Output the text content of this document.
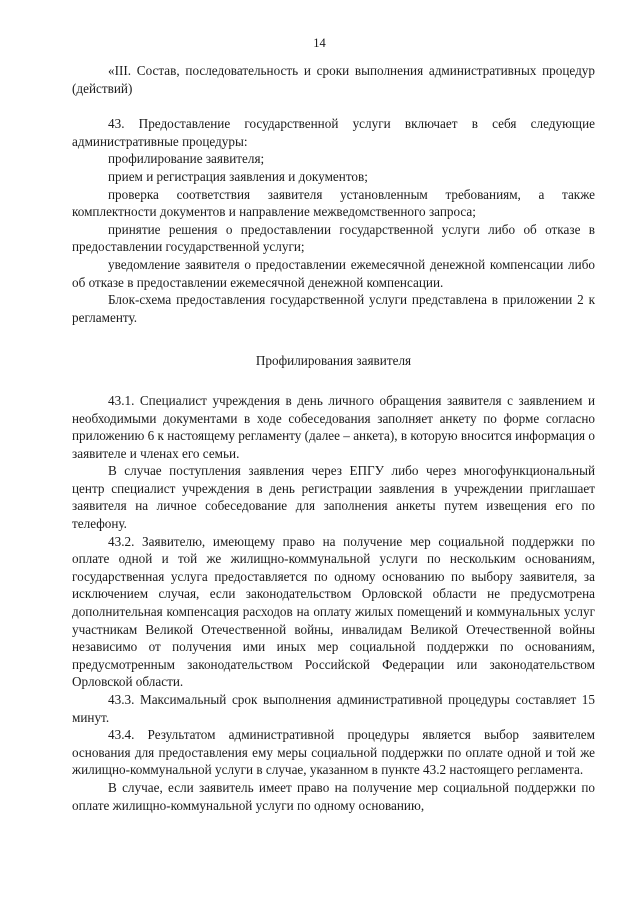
14

«III. Состав, последовательность и сроки выполнения административных процедур (действий)

43. Предоставление государственной услуги включает в себя следующие административные процедуры:

профилирование заявителя;

прием и регистрация заявления и документов;

проверка соответствия заявителя установленным требованиям, а также комплектности документов и направление межведомственного запроса;

принятие решения о предоставлении государственной услуги либо об отказе в предоставлении государственной услуги;

уведомление заявителя о предоставлении ежемесячной денежной компенсации либо об отказе в предоставлении ежемесячной денежной компенсации.

Блок-схема предоставления государственной услуги представлена в приложении 2 к регламенту.

Профилирования заявителя

43.1. Специалист учреждения в день личного обращения заявителя с заявлением и необходимыми документами в ходе собеседования заполняет анкету по форме согласно приложению 6 к настоящему регламенту (далее – анкета), в которую вносится информация о заявителе и членах его семьи.

В случае поступления заявления через ЕПГУ либо через многофункциональный центр специалист учреждения в день регистрации заявления в учреждении приглашает заявителя на личное собеседование для заполнения анкеты путем извещения его по телефону.

43.2. Заявителю, имеющему право на получение мер социальной поддержки по оплате одной и той же жилищно-коммунальной услуги по нескольким основаниям, государственная услуга предоставляется по одному основанию по выбору заявителя, за исключением случая, если законодательством Орловской области не предусмотрена дополнительная компенсация расходов на оплату жилых помещений и коммунальных услуг участникам Великой Отечественной войны, инвалидам Великой Отечественной войны независимо от получения ими иных мер социальной поддержки по основаниям, предусмотренным законодательством Российской Федерации или законодательством Орловской области.

43.3. Максимальный срок выполнения административной процедуры составляет 15 минут.

43.4. Результатом административной процедуры является выбор заявителем основания для предоставления ему меры социальной поддержки по оплате одной и той же жилищно-коммунальной услуги в случае, указанном в пункте 43.2 настоящего регламента.

В случае, если заявитель имеет право на получение мер социальной поддержки по оплате жилищно-коммунальной услуги по одному основанию,
